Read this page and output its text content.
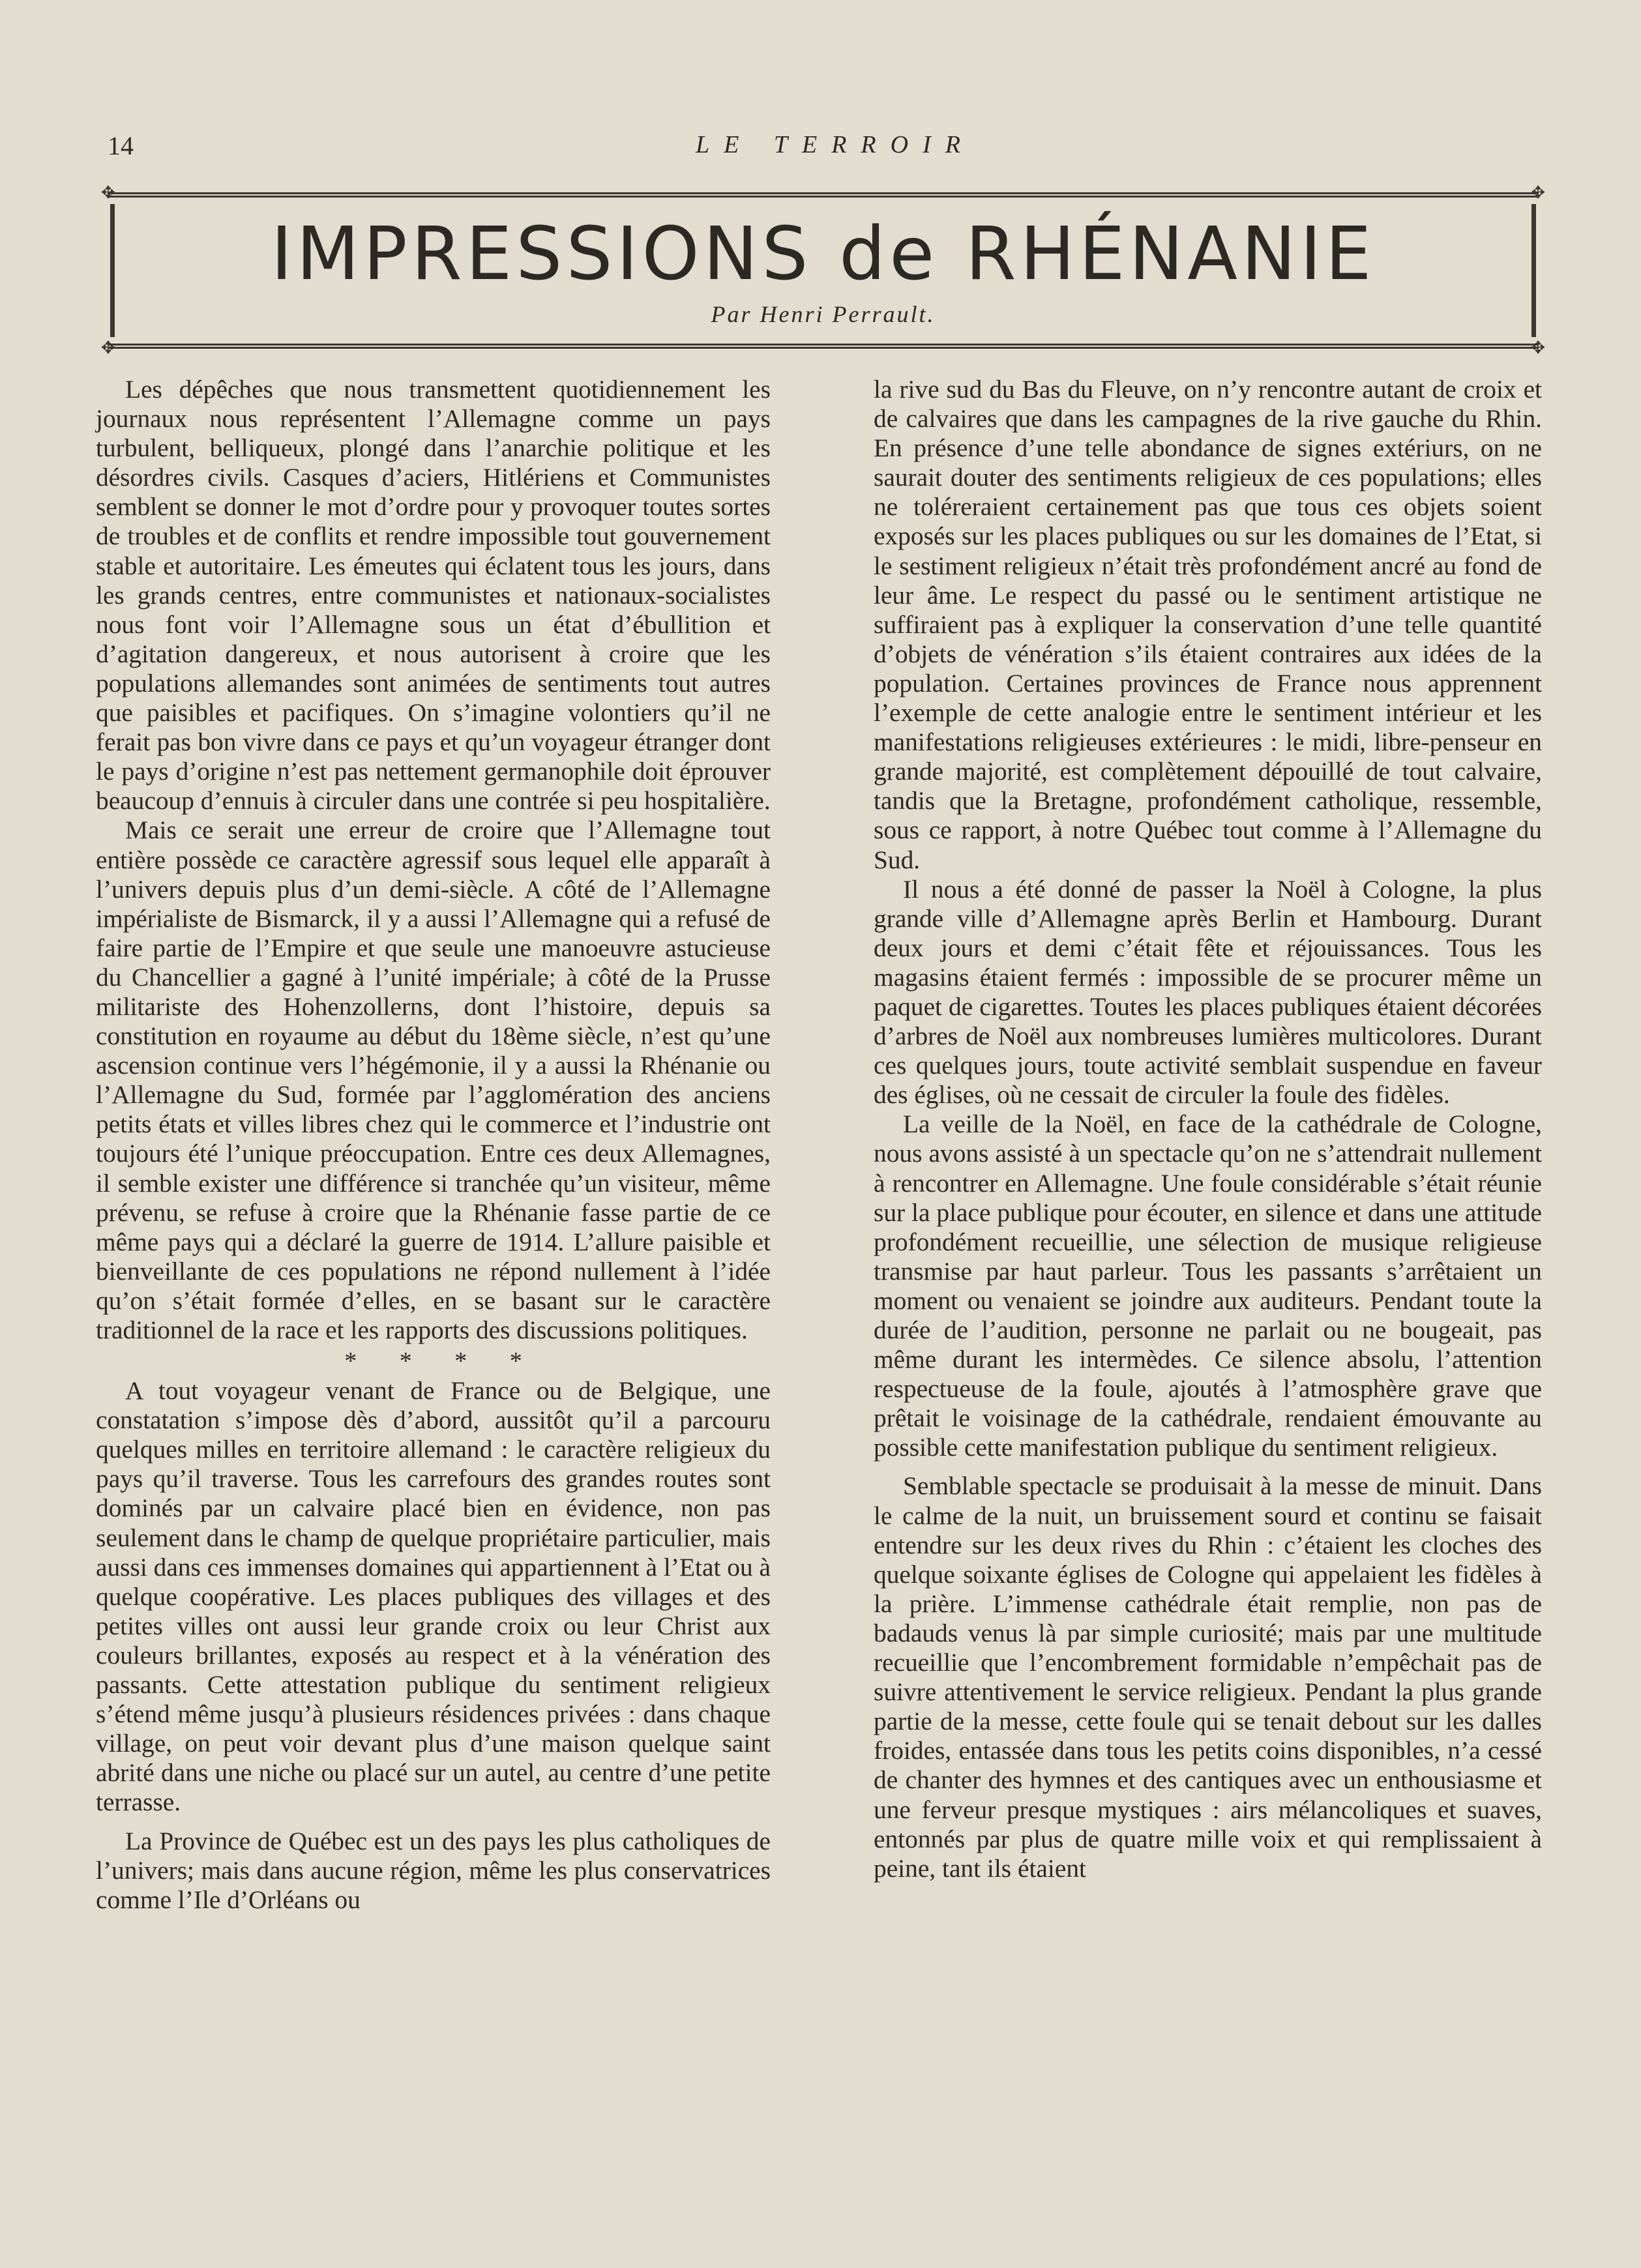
14	LE TERROIR
✥	✥
✥	✥
IMPRESSIONS de RHÉNANIE
Par Henri Perrault.

Les dépêches que nous transmettent quotidiennement les journaux nous représentent l’Allemagne comme un pays turbulent, belliqueux, plongé dans l’anarchie politique et les désordres civils. Casques d’aciers, Hitlériens et Communistes semblent se donner le mot d’ordre pour y provoquer toutes sortes de troubles et de conflits et rendre impossible tout gouvernement stable et autoritaire. Les émeutes qui éclatent tous les jours, dans les grands centres, entre communistes et nationaux-socialistes nous font voir l’Allemagne sous un état d’ébullition et d’agitation dangereux, et nous autorisent à croire que les populations allemandes sont animées de sentiments tout autres que paisibles et pacifiques. On s’imagine volontiers qu’il ne ferait pas bon vivre dans ce pays et qu’un voyageur étranger dont le pays d’origine n’est pas nettement germanophile doit éprouver beaucoup d’ennuis à circuler dans une contrée si peu hospitalière.

Mais ce serait une erreur de croire que l’Allemagne tout entière possède ce caractère agressif sous lequel elle apparaît à l’univers depuis plus d’un demi-siècle. A côté de l’Allemagne impérialiste de Bismarck, il y a aussi l’Allemagne qui a refusé de faire partie de l’Empire et que seule une manoeuvre astucieuse du Chancellier a gagné à l’unité impériale; à côté de la Prusse militariste des Hohenzollerns, dont l’histoire, depuis sa constitution en royaume au début du 18ème siècle, n’est qu’une ascension continue vers l’hégémonie, il y a aussi la Rhénanie ou l’Allemagne du Sud, formée par l’agglomération des anciens petits états et villes libres chez qui le commerce et l’industrie ont toujours été l’unique préoccupation. Entre ces deux Allemagnes, il semble exister une différence si tranchée qu’un visiteur, même prévenu, se refuse à croire que la Rhénanie fasse partie de ce même pays qui a déclaré la guerre de 1914. L’allure paisible et bienveillante de ces populations ne répond nullement à l’idée qu’on s’était formée d’elles, en se basant sur le caractère traditionnel de la race et les rapports des discussions politiques.

* * * *

A tout voyageur venant de France ou de Belgique, une constatation s’impose dès d’abord, aussitôt qu’il a parcouru quelques milles en territoire allemand : le caractère religieux du pays qu’il traverse. Tous les carrefours des grandes routes sont dominés par un calvaire placé bien en évidence, non pas seulement dans le champ de quelque propriétaire particulier, mais aussi dans ces immenses domaines qui appartiennent à l’Etat ou à quelque coopérative. Les places publiques des villages et des petites villes ont aussi leur grande croix ou leur Christ aux couleurs brillantes, exposés au respect et à la vénération des passants. Cette attestation publique du sentiment religieux s’étend même jusqu’à plusieurs résidences privées : dans chaque village, on peut voir devant plus d’une maison quelque saint abrité dans une niche ou placé sur un autel, au centre d’une petite terrasse.

La Province de Québec est un des pays les plus catholiques de l’univers; mais dans aucune région, même les plus conservatrices comme l’Ile d’Orléans ou

la rive sud du Bas du Fleuve, on n’y rencontre autant de croix et de calvaires que dans les campagnes de la rive gauche du Rhin. En présence d’une telle abondance de signes extériurs, on ne saurait douter des sentiments religieux de ces populations; elles ne toléreraient certainement pas que tous ces objets soient exposés sur les places publiques ou sur les domaines de l’Etat, si le sestiment religieux n’était très profondément ancré au fond de leur âme. Le respect du passé ou le sentiment artistique ne suffiraient pas à expliquer la conservation d’une telle quantité d’objets de vénération s’ils étaient contraires aux idées de la population. Certaines provinces de France nous apprennent l’exemple de cette analogie entre le sentiment intérieur et les manifestations religieuses extérieures : le midi, libre-penseur en grande majorité, est complètement dépouillé de tout calvaire, tandis que la Bretagne, profondément catholique, ressemble, sous ce rapport, à notre Québec tout comme à l’Allemagne du Sud.

Il nous a été donné de passer la Noël à Cologne, la plus grande ville d’Allemagne après Berlin et Hambourg. Durant deux jours et demi c’était fête et réjouissances. Tous les magasins étaient fermés : impossible de se procurer même un paquet de cigarettes. Toutes les places publiques étaient décorées d’arbres de Noël aux nombreuses lumières multicolores. Durant ces quelques jours, toute activité semblait suspendue en faveur des églises, où ne cessait de circuler la foule des fidèles.

La veille de la Noël, en face de la cathédrale de Cologne, nous avons assisté à un spectacle qu’on ne s’attendrait nullement à rencontrer en Allemagne. Une foule considérable s’était réunie sur la place publique pour écouter, en silence et dans une attitude profondément recueillie, une sélection de musique religieuse transmise par haut parleur. Tous les passants s’arrêtaient un moment ou venaient se joindre aux auditeurs. Pendant toute la durée de l’audition, personne ne parlait ou ne bougeait, pas même durant les intermèdes. Ce silence absolu, l’attention respectueuse de la foule, ajoutés à l’atmosphère grave que prêtait le voisinage de la cathédrale, rendaient émouvante au possible cette manifestation publique du sentiment religieux.

Semblable spectacle se produisait à la messe de minuit. Dans le calme de la nuit, un bruissement sourd et continu se faisait entendre sur les deux rives du Rhin : c’étaient les cloches des quelque soixante églises de Cologne qui appelaient les fidèles à la prière. L’immense cathédrale était remplie, non pas de badauds venus là par simple curiosité; mais par une multitude recueillie que l’encombrement formidable n’empêchait pas de suivre attentivement le service religieux. Pendant la plus grande partie de la messe, cette foule qui se tenait debout sur les dalles froides, entassée dans tous les petits coins disponibles, n’a cessé de chanter des hymnes et des cantiques avec un enthousiasme et une ferveur presque mystiques : airs mélancoliques et suaves, entonnés par plus de quatre mille voix et qui remplissaient à peine, tant ils étaient
